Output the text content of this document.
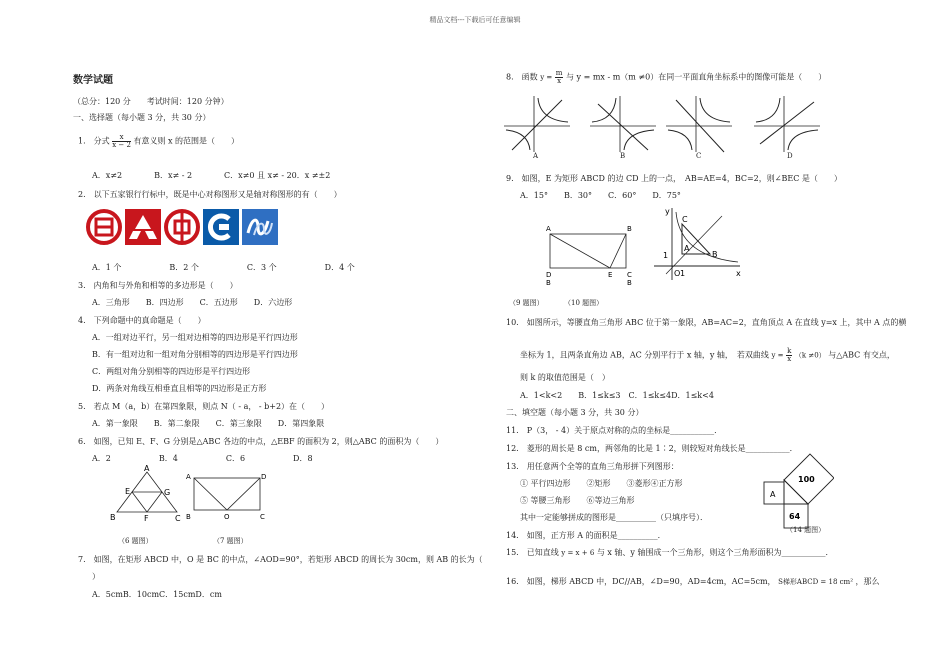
精品文档---下载后可任意编辑
数学试题
（总分：120 分　　考试时间：120 分钟）
一、选择题（每小题 3 分，共 30 分）
1.　分式 $\frac{x}{x - 2}$ 有意义则 x 的范围是（　　）
A．x≠2　　　　B．x≠ - 2　　　　C．x≠0 且 x≠ - 20．x ≠±2
2.　以下五家银行行标中，既是中心对称图形又是轴对称图形的有（　　）
A．1 个　　　　　　B．2 个　　　　　　C．3 个　　　　　　D．4 个
3.　内角和与外角和相等的多边形是（　　）
A．三角形　　B．四边形　　C．五边形　　D．六边形
4.　下列命题中的真命题是（　　）
A．一组对边平行，另一组对边相等的四边形是平行四边形
B．有一组对边和一组对角分别相等的四边形是平行四边形
C．两组对角分别相等的四边形是平行四边形
D．两条对角线互相垂直且相等的四边形是正方形
5.　若点 M（a，b）在第四象限，则点 N（ - a， - b+2）在（　　）
A．第一象限　　B．第二象限　　C．第三象限　　D．第四象限
6.　如图，已知 E、F、G 分别是△ABC 各边的中点，△EBF 的面积为 2，则△ABC 的面积为（　　）
A．2　　　　　　B．4　　　　　　C．6　　　　　　D．8
A
E	G
B	F	C
（6 题图）
A	D
B	O	C
（7 题图）
7.　如图，在矩形 ABCD 中，O 是 BC 的中点，∠AOD=90°，若矩形 ABCD 的周长为 30cm，则 AB 的长为（
）
A．5cmB．10cmC．15cmD．cm
8.　函数 $y = \frac{m}{x}$ 与 y = mx - m（m ≠0）在同一平面直角坐标系中的图像可能是（　　）
A	B	C	D
9.　如图，E 为矩形 ABCD 的边 CD 上的一点，　AB=AE=4，BC=2，则∠BEC 是（　　）
A．15°　　B．30°　　C．60°　　D．75°
A	B
D	E C
B	B
y
x
O
A
B
C
1
1
（9 题图）	（10 题图）
10.　如图所示，等腰直角三角形 ABC 位于第一象限，AB=AC=2，直角顶点 A 在直线 y=x 上，其中 A 点的横
坐标为 1，且两条直角边 AB，AC 分别平行于 x 轴，y 轴，　若双曲线 $y = \frac{k}{x} (k \ne 0)$ 与△ABC 有交点，
则 k 的取值范围是（　）
A．1<k<2　　B．1≤k≤3　C．1≤k≤4D．1≤k<4
二、填空题（每小题 3 分，共 30 分）
11.　P（3， - 4）关于原点对称的点的坐标是___________．
12.　菱形的周长是 8 cm，两邻角的比是 1∶2，则较短对角线长是___________．
13.　用任意两个全等的直角三角形拼下列图形：
① 平行四边形　　②矩形　　③菱形④正方形
⑤ 等腰三角形　　⑥等边三角形
其中一定能够拼成的图形是__________（只填序号）．
A
100
64
（14 题图）
14.　如图，正方形 A 的面积是__________．
15.　已知直线 y = x + 6 与 x 轴、y 轴围成一个三角形，则这个三角形面积为___________．
16.　如图，梯形 ABCD 中，DC//AB，∠D=90，AD=4cm，AC=5cm， S梯形ABCD = 18 cm² ，那么
